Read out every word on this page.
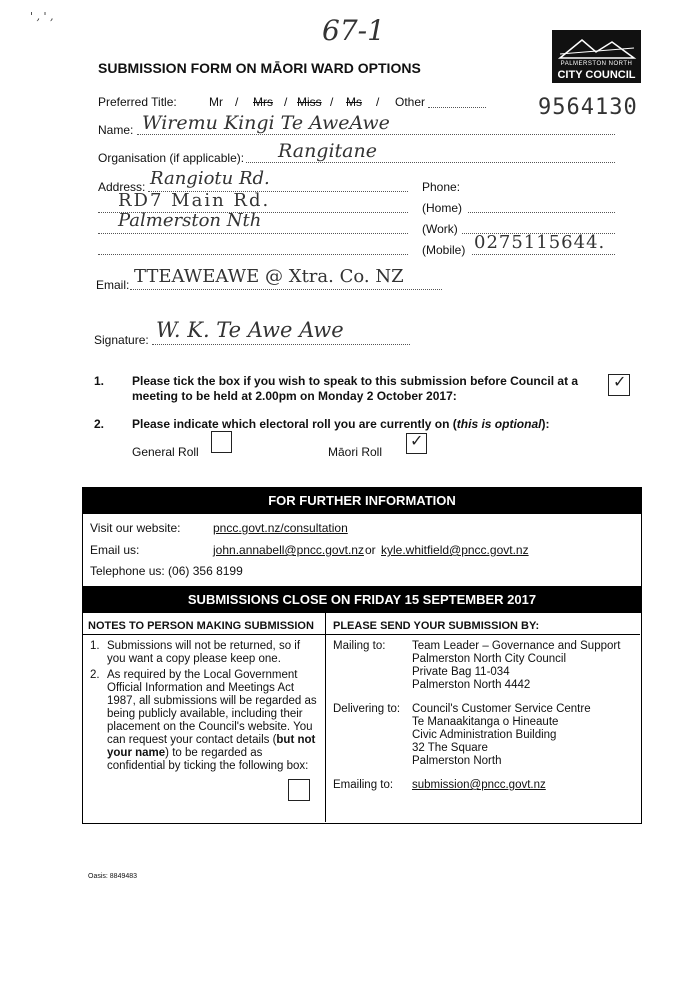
' , ' ,	67-1
PALMERSTON NORTH
CITY COUNCIL
SUBMISSION FORM ON MĀORI WARD OPTIONS
9564130
Preferred Title:	Mr / Mrs / Miss / Ms / Other
Name: Wiremu Kingi Te AweAwe
Organisation (if applicable): Rangitane
Address: Rangiotu Rd.
RD7 Main Rd.
Palmerston Nth
Phone:
(Home)
(Work)
(Mobile) 0275115644.
Email: TTEAWEAWE @ Xtra. Co. NZ
Signature: W. K. Te Awe Awe
1. Please tick the box if you wish to speak to this submission before Council at a meeting to be held at 2.00pm on Monday 2 October 2017:
✓
2. Please indicate which electoral roll you are currently on (this is optional):
General Roll	Māori Roll
✓
FOR FURTHER INFORMATION
Visit our website:	pncc.govt.nz/consultation
Email us:	john.annabell@pncc.govt.nz or kyle.whitfield@pncc.govt.nz
Telephone us: (06) 356 8199
SUBMISSIONS CLOSE ON FRIDAY 15 SEPTEMBER 2017
NOTES TO PERSON MAKING SUBMISSION
1. Submissions will not be returned, so if you want a copy please keep one.
2. As required by the Local Government Official Information and Meetings Act 1987, all submissions will be regarded as being publicly available, including their placement on the Council's website. You can request your contact details (but not your name) to be regarded as confidential by ticking the following box:
PLEASE SEND YOUR SUBMISSION BY:
Mailing to: Team Leader – Governance and Support
Palmerston North City Council
Private Bag 11-034
Palmerston North 4442
Delivering to: Council's Customer Service Centre
Te Manaakitanga o Hineaute
Civic Administration Building
32 The Square
Palmerston North
Emailing to: submission@pncc.govt.nz
Oasis: 8849483
